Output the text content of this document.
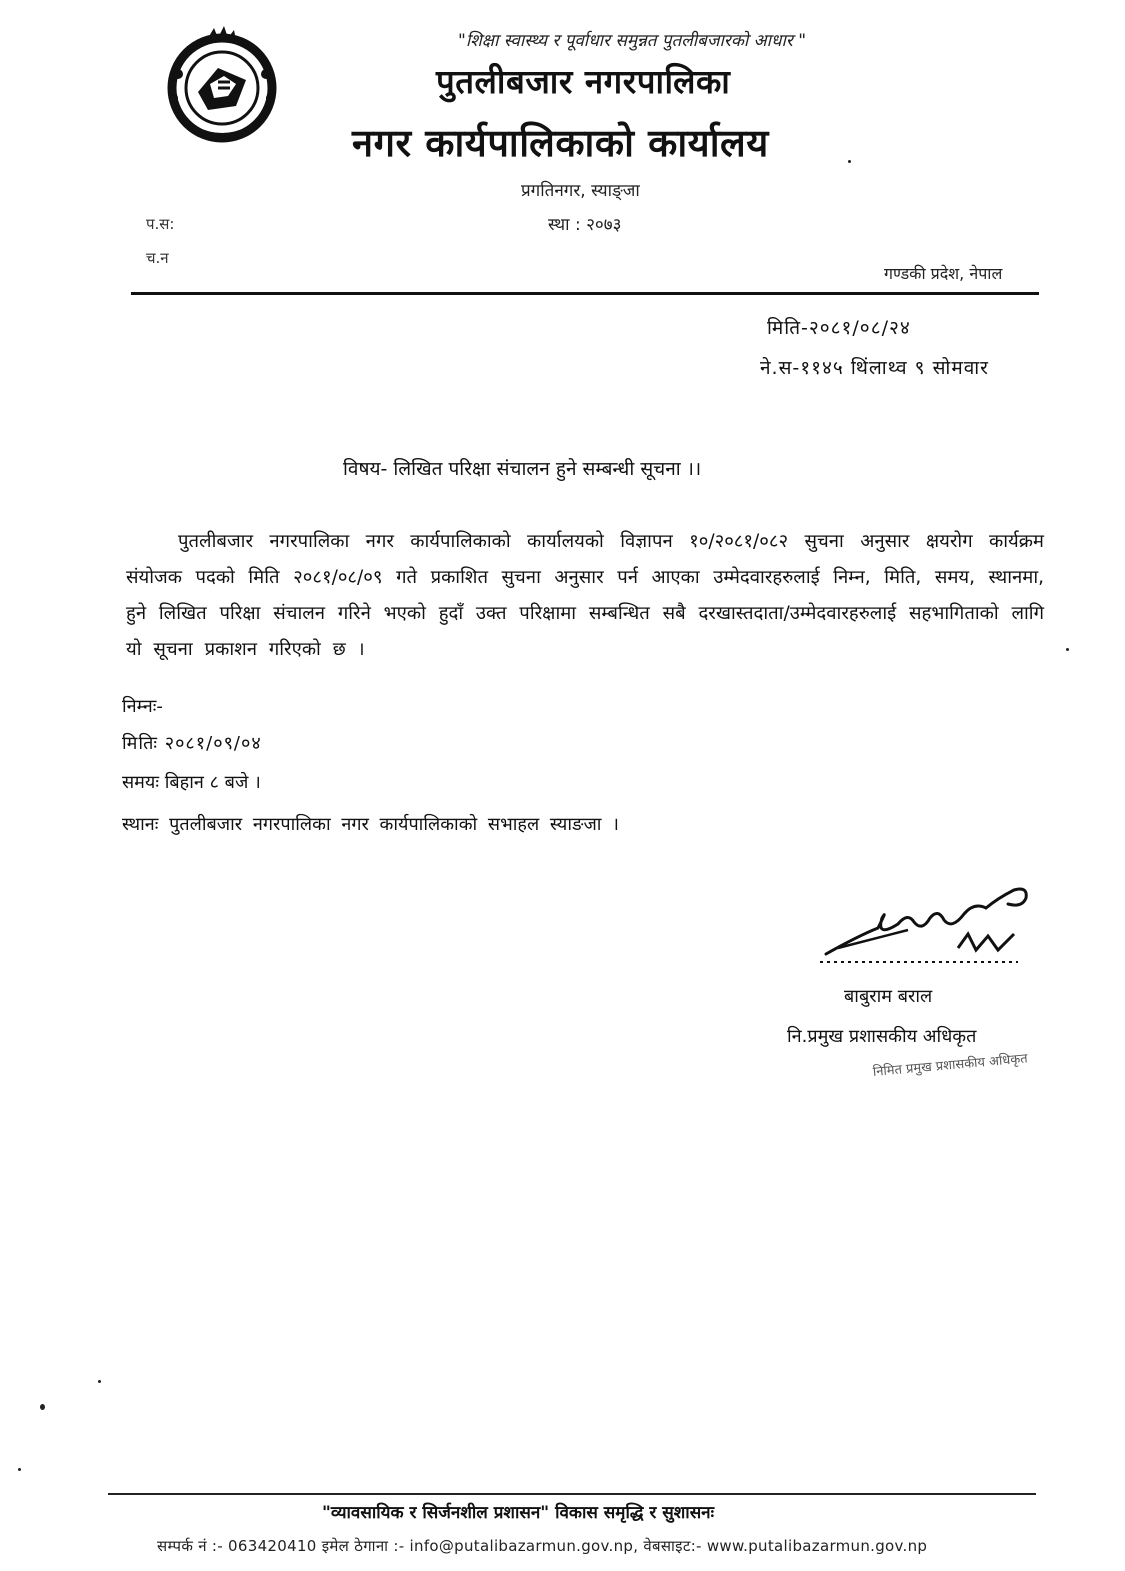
"शिक्षा स्वास्थ्य र पूर्वाधार समुन्नत पुतलीबजारको आधार "
पुतलीबजार नगरपालिका
नगर कार्यपालिकाको कार्यालय
प्रगतिनगर, स्याङ्जा
स्था : २०७३
प.स:
च.न
गण्डकी प्रदेश, नेपाल
मिति-२०८१/०८/२४
ने.स-११४५ थिंलाथ्व ९ सोमवार
विषय- लिखित परिक्षा संचालन हुने सम्बन्धी सूचना ।।
पुतलीबजार नगरपालिका नगर कार्यपालिकाको कार्यालयको विज्ञापन १०/२०८१/०८२ सुचना अनुसार क्षयरोग कार्यक्रम संयोजक पदको मिति २०८१/०८/०९ गते प्रकाशित सुचना अनुसार पर्न आएका उम्मेदवारहरुलाई निम्न, मिति, समय, स्थानमा, हुने लिखित परिक्षा संचालन गरिने भएको हुदाँ उक्त परिक्षामा सम्बन्धित सबै दरखास्तदाता/उम्मेदवारहरुलाई सहभागिताको लागि यो सूचना प्रकाशन गरिएको छ ।
निम्नः-
मितिः २०८१/०९/०४
समयः बिहान ८ बजे ।
स्थानः पुतलीबजार नगरपालिका नगर कार्यपालिकाको सभाहल स्याङजा ।
बाबुराम बराल
नि.प्रमुख प्रशासकीय अधिकृत
निमित प्रमुख प्रशासकीय अधिकृत
"व्यावसायिक र सिर्जनशील प्रशासन" विकास समृद्धि र सुशासनः
सम्पर्क नं :- 063420410 इमेल ठेगाना :- info@putalibazarmun.gov.np, वेबसाइट:- www.putalibazarmun.gov.np
